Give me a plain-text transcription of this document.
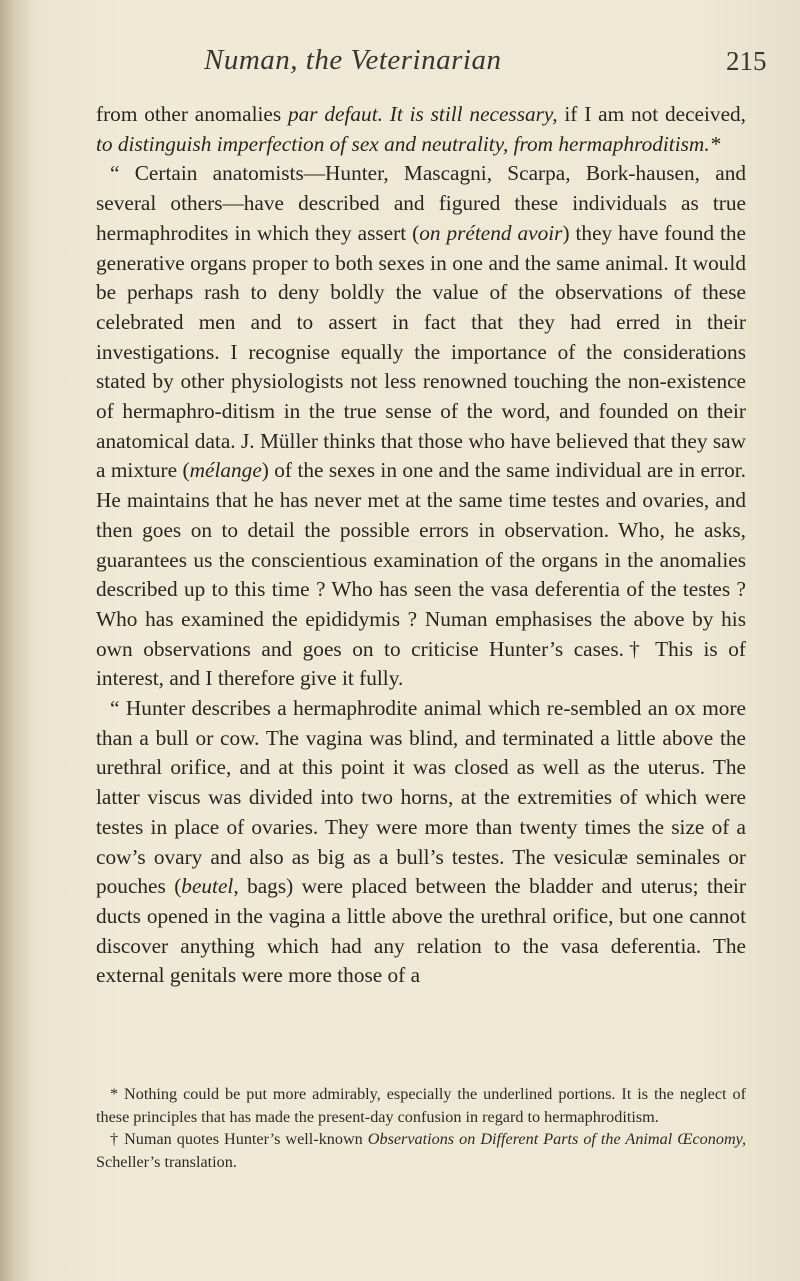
Numan, the Veterinarian	215

from other anomalies par defaut. It is still necessary, if I am not deceived, to distinguish imperfection of sex and neutrality, from hermaphroditism.*

“ Certain anatomists—Hunter, Mascagni, Scarpa, Bork-hausen, and several others—have described and figured these individuals as true hermaphrodites in which they assert (on prétend avoir) they have found the generative organs proper to both sexes in one and the same animal. It would be perhaps rash to deny boldly the value of the observations of these celebrated men and to assert in fact that they had erred in their investigations. I recognise equally the importance of the considerations stated by other physiologists not less renowned touching the non-existence of hermaphro-ditism in the true sense of the word, and founded on their anatomical data. J. Müller thinks that those who have believed that they saw a mixture (mélange) of the sexes in one and the same individual are in error. He maintains that he has never met at the same time testes and ovaries, and then goes on to detail the possible errors in observation. Who, he asks, guarantees us the conscientious examination of the organs in the anomalies described up to this time ? Who has seen the vasa deferentia of the testes ? Who has examined the epididymis ? Numan emphasises the above by his own observations and goes on to criticise Hunter’s cases.† This is of interest, and I therefore give it fully.

“ Hunter describes a hermaphrodite animal which re-sembled an ox more than a bull or cow. The vagina was blind, and terminated a little above the urethral orifice, and at this point it was closed as well as the uterus. The latter viscus was divided into two horns, at the extremities of which were testes in place of ovaries. They were more than twenty times the size of a cow’s ovary and also as big as a bull’s testes. The vesiculæ seminales or pouches (beutel, bags) were placed between the bladder and uterus; their ducts opened in the vagina a little above the urethral orifice, but one cannot discover anything which had any relation to the vasa deferentia. The external genitals were more those of a

* Nothing could be put more admirably, especially the underlined portions. It is the neglect of these principles that has made the present-day confusion in regard to hermaphroditism.

† Numan quotes Hunter’s well-known Observations on Different Parts of the Animal Œconomy, Scheller’s translation.
